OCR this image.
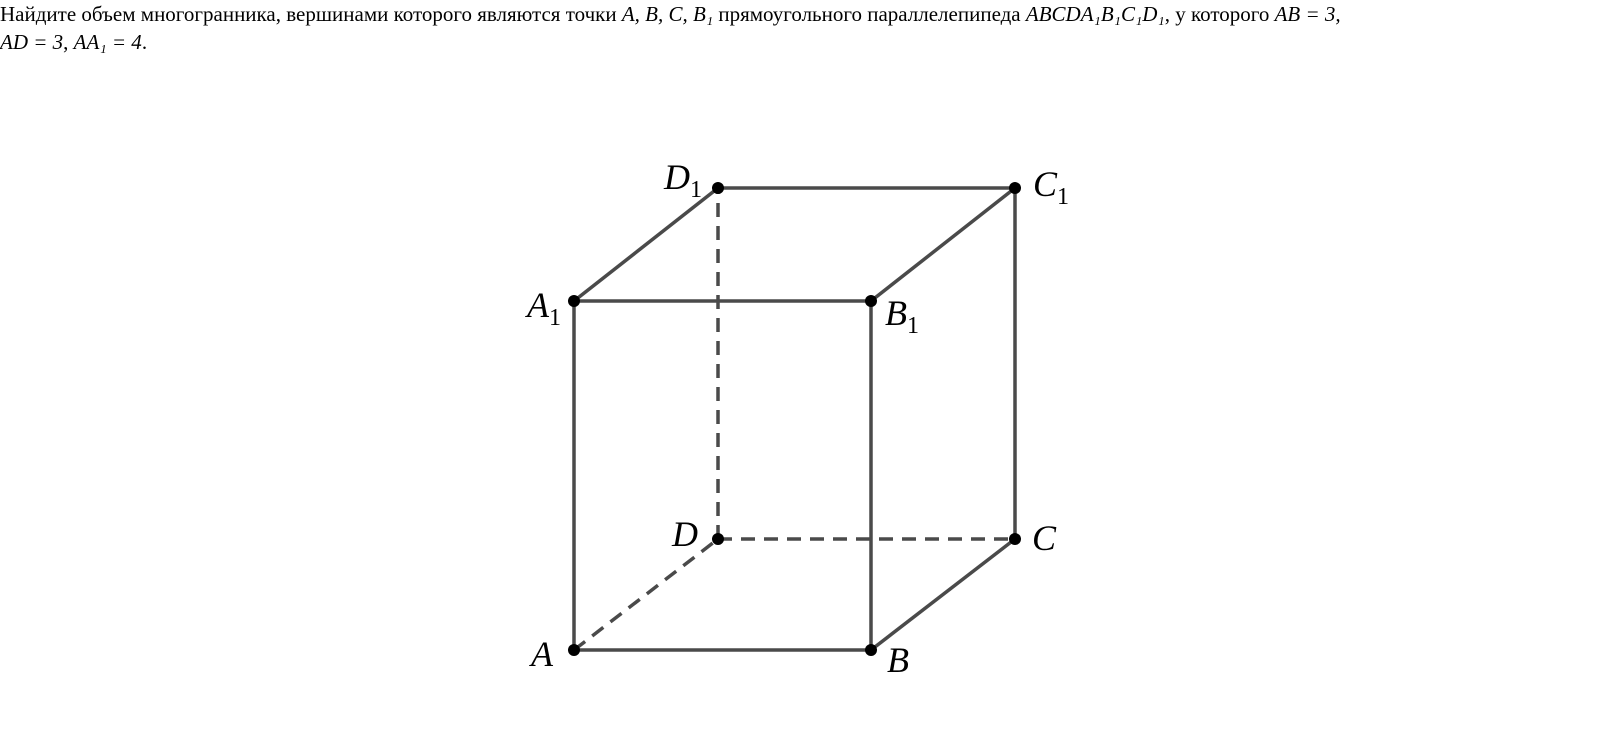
Найдите объем многогранника, вершинами которого являются точки A, B, C, B₁ прямоугольного параллелепипеда ABCDA₁B₁C₁D₁, у которого AB = 3,
AD = 3, AA₁ = 4.
A	B
C
D
$A_1$	$B_1$
$C_1$
$D_1$
